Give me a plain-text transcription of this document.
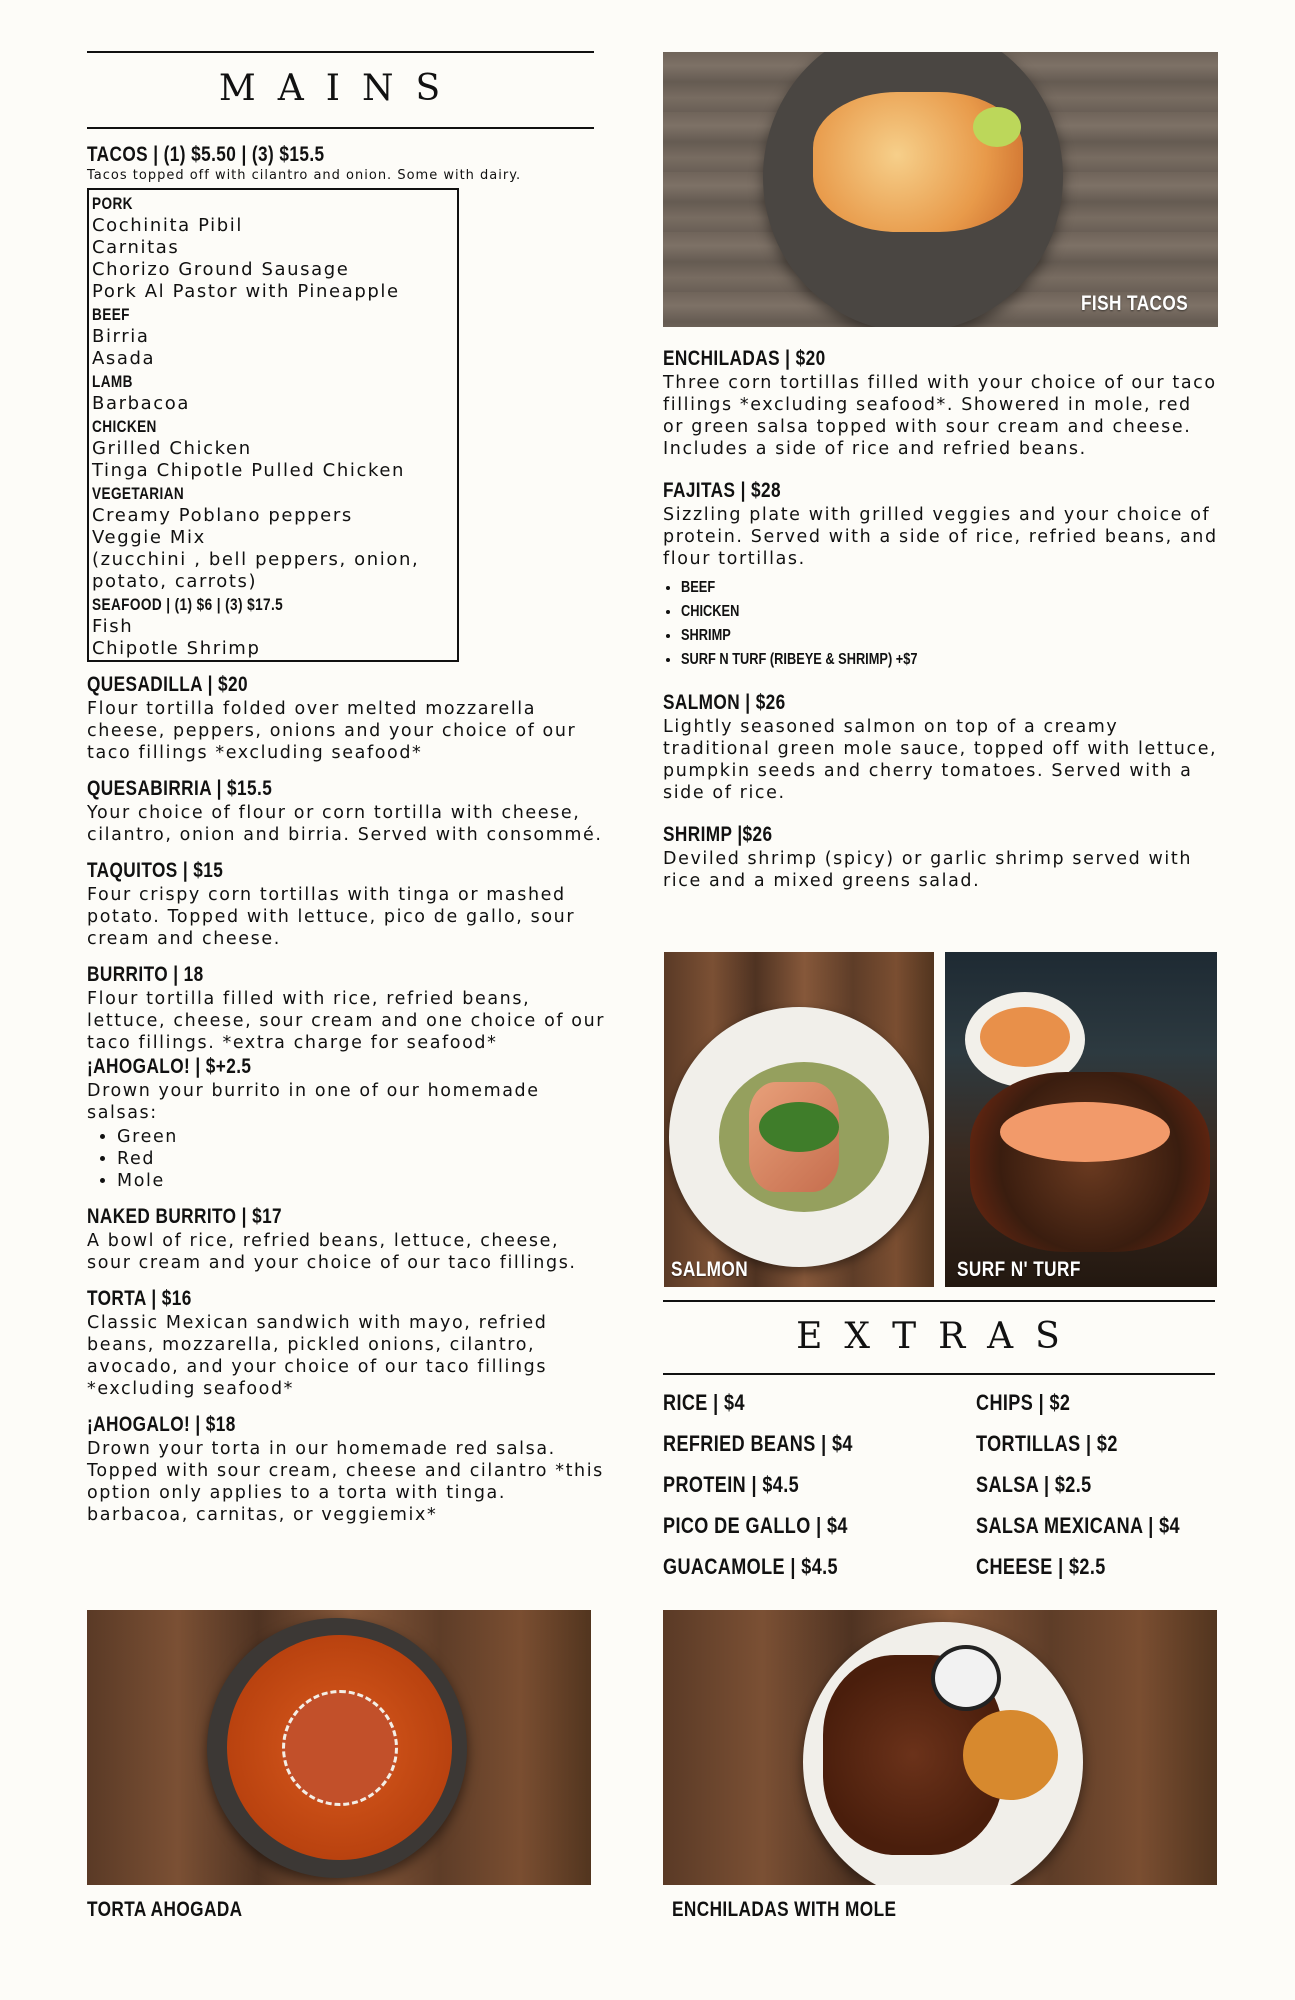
MAINS

TACOS | (1) $5.50 | (3) $15.5

Tacos topped off with cilantro and onion. Some with dairy.

PORK
Cochinita Pibil
Carnitas
Chorizo Ground Sausage
Pork Al Pastor with Pineapple
BEEF
Birria
Asada
LAMB
Barbacoa
CHICKEN
Grilled Chicken
Tinga Chipotle Pulled Chicken
VEGETARIAN
Creamy Poblano peppers
Veggie Mix
(zucchini , bell peppers, onion,
potato, carrots)
SEAFOOD | (1) $6 | (3) $17.5
Fish
Chipotle Shrimp

QUESADILLA | $20

Flour tortilla folded over melted mozzarella cheese, peppers, onions and your choice of our taco fillings *excluding seafood*

QUESABIRRIA | $15.5

Your choice of flour or corn tortilla with cheese, cilantro, onion and birria. Served with consommé.

TAQUITOS | $15

Four crispy corn tortillas with tinga or mashed potato. Topped with lettuce, pico de gallo, sour cream and cheese.

BURRITO | 18

Flour tortilla filled with rice, refried beans, lettuce, cheese, sour cream and one choice of our taco fillings. *extra charge for seafood*

¡AHOGALO! | $+2.5

Drown your burrito in one of our homemade salsas:

• Green
• Red
• Mole

NAKED BURRITO | $17

A bowl of rice, refried beans, lettuce, cheese, sour cream and your choice of our taco fillings.

TORTA | $16

Classic Mexican sandwich with mayo, refried beans, mozzarella, pickled onions, cilantro, avocado, and your choice of our taco fillings *excluding seafood*

¡AHOGALO! | $18

Drown your torta in our homemade red salsa. Topped with sour cream, cheese and cilantro *this option only applies to a torta with tinga. barbacoa, carnitas, or veggiemix*

FISH TACOS

ENCHILADAS | $20

Three corn tortillas filled with your choice of our taco fillings *excluding seafood*. Showered in mole, red or green salsa topped with sour cream and cheese. Includes a side of rice and refried beans.

FAJITAS | $28

Sizzling plate with grilled veggies and your choice of protein. Served with a side of rice, refried beans, and flour tortillas.

• BEEF
• CHICKEN
• SHRIMP
• SURF N TURF (RIBEYE & SHRIMP) +$7

SALMON | $26

Lightly seasoned salmon on top of a creamy traditional green mole sauce, topped off with lettuce, pumpkin seeds and cherry tomatoes. Served with a side of rice.

SHRIMP |$26

Deviled shrimp (spicy) or garlic shrimp served with rice and a mixed greens salad.

SALMON	SURF N' TURF
EXTRAS
RICE | $4	CHIPS | $2
REFRIED BEANS | $4	TORTILLAS | $2
PROTEIN | $4.5	SALSA | $2.5
PICO DE GALLO | $4	SALSA MEXICANA | $4
GUACAMOLE | $4.5	CHEESE | $2.5
TORTA AHOGADA	ENCHILADAS WITH MOLE
